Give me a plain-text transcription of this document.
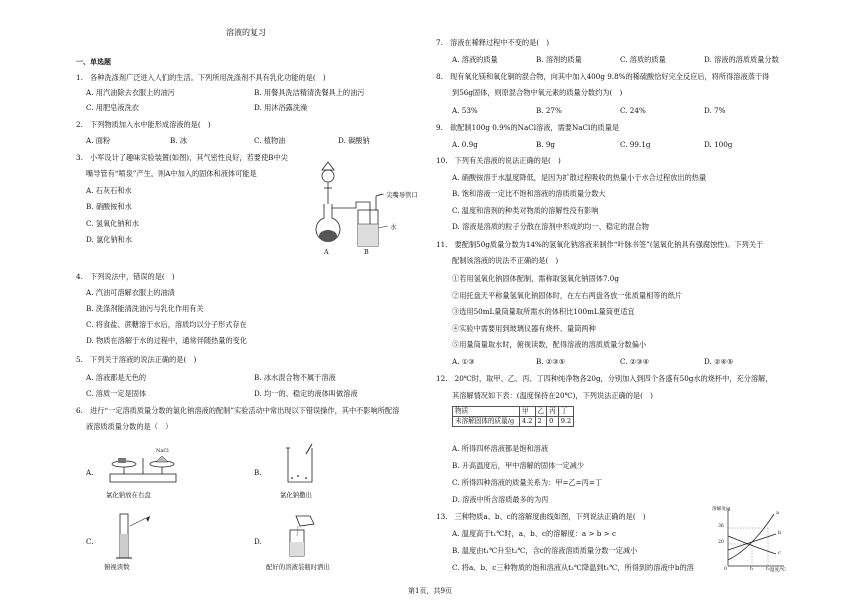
溶液的复习
一、单选题
1.　各种洗涤剂广泛进入人们的生活。下列所用洗涤剂不具有乳化功能的是(　)
A. 用汽油除去衣服上的油污	B. 用餐具洗洁精清洗餐具上的油污
C. 用肥皂液洗衣	D. 用沐浴露洗澡
2.　下列物质加入水中能形成溶液的是(　)
A. 面粉	B. 冰	C. 植物油	D. 碳酸钠
3.　小军设计了趣味实验装置(如图)，其气密性良好，若要使B中尖
嘴导管有“喷泉”产生，则A中加入的固体和液体可能是
A. 石灰石和水
B. 硝酸铵和水
C. 氢氧化钠和水
D. 氯化钠和水
尖嘴导管口
水
A	B
4.　下列说法中，错误的是(　)
A. 汽油可溶解衣服上的油渍
B. 洗涤剂能清洗油污与乳化作用有关
C. 将食盐、蔗糖溶于水后，溶质均以分子形式存在
D. 物质在溶解于水的过程中，通常伴随热量的变化
5.　下列关于溶液的说法正确的是(　)
A. 溶液都是无色的	B. 冰水混合物不属于溶液
C. 溶质一定是固体	D. 均一的、稳定的液体叫做溶液
6.　进行“一定溶质质量分数的氯化钠溶液的配制”实验活动中常出现以下错误操作，其中不影响所配溶
液溶质质量分数的是（　）
A.
NaCl
氯化钠放在右盘
B.
氯化钠撒出
C.
俯视读数
D.
配好的溶液装瓶时洒出
7.　溶液在稀释过程中不变的是(　)
A. 溶液的质量	B. 溶剂的质量	C. 溶质的质量	D. 溶液的溶质质量分数
8.　现有氧化镁和氧化铜的混合物，向其中加入400g 9.8%的稀硫酸恰好完全反应后，将所得溶液蒸干得
到56g固体，则原混合物中氧元素的质量分数约为(　)
A. 53%	B. 27%	C. 24%	D. 7%
9.　欲配制100g 0.9%的NaCl溶液，需要NaCl的质量是
A. 0.9g	B. 9g	C. 99.1g	D. 100g
10.　下列有关溶液的说法正确的是(　)
A. 硝酸铵溶于水温度降低，是因为扩散过程吸收的热量小于水合过程放出的热量
B. 饱和溶液一定比不饱和溶液的溶质质量分数大
C. 温度和溶剂的种类对物质的溶解性没有影响
D. 溶液是溶质的粒子分散在溶剂中形成的均一、稳定的混合物
11.　要配制50g质量分数为14%的氢氧化钠溶液来制作“叶脉书签”(氢氧化钠具有强腐蚀性)。下列关于
配制该溶液的说法不正确的是(　)
①若用氢氧化钠固体配制，需称取氢氧化钠固体7.0g
②用托盘天平称量氢氧化钠固体时，在左右两盘各放一张质量相等的纸片
③选用50mL量筒量取所需水的体积比100mL量筒更适宜
④实验中需要用到玻璃仪器有烧杯、量筒两种
⑤用量筒量取水时，俯视读数，配得溶液的溶质质量分数偏小
A. ①③	B. ②③⑤	C. ②③④	D. ②④⑤
12.　20℃时，取甲、乙、丙、丁四种纯净物各20g，分别加入到四个各盛有50g水的烧杯中，充分溶解，
其溶解情况如下表：(温度保持在20℃)，下列说法正确的是(　)
物质	甲	乙	丙	丁
未溶解固体的质量/g	4.2	2	0	9.2
A. 所得四杯溶液都是饱和溶液
B. 升高温度后，甲中溶解的固体一定减少
C. 所得四种溶液的质量关系为：甲=乙=丙=丁
D. 溶液中所含溶质最多的为丙
13.　三种物质a、b、c的溶解度曲线如图，下列说法正确的是(　)
A. 温度高于t₁℃时，a、b、c的溶解度：a > b > c
B. 温度由t₁℃升至t₂℃，含c的溶液溶质质量分数一定减小
C. 将a、b、c三种物质的饱和溶液从t₂℃降温到t₁℃，所得到的溶液中b的溶
溶解度/g
36
20
0	t₁	t₂ 温度/℃
a
b
c
第1页，共9页
